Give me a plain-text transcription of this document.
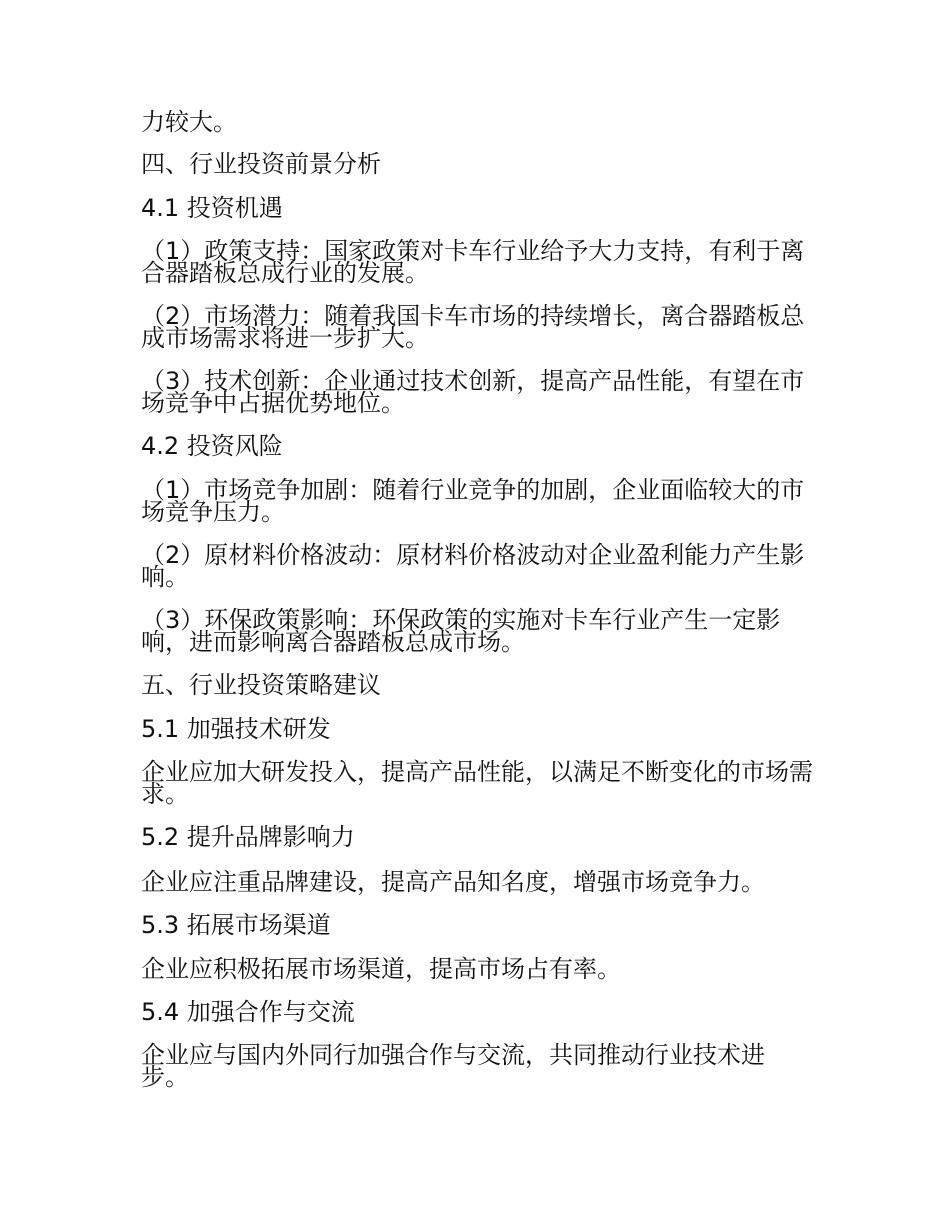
力较大。

四、行业投资前景分析
4.1 投资机遇

（1）政策支持：国家政策对卡车行业给予大力支持，有利于离合器踏板总成行业的发展。

（2）市场潜力：随着我国卡车市场的持续增长，离合器踏板总成市场需求将进一步扩大。

（3）技术创新：企业通过技术创新，提高产品性能，有望在市场竞争中占据优势地位。

4.2 投资风险

（1）市场竞争加剧：随着行业竞争的加剧，企业面临较大的市场竞争压力。

（2）原材料价格波动：原材料价格波动对企业盈利能力产生影响。

（3）环保政策影响：环保政策的实施对卡车行业产生一定影响，进而影响离合器踏板总成市场。

五、行业投资策略建议
5.1 加强技术研发

企业应加大研发投入，提高产品性能，以满足不断变化的市场需求。

5.2 提升品牌影响力

企业应注重品牌建设，提高产品知名度，增强市场竞争力。

5.3 拓展市场渠道

企业应积极拓展市场渠道，提高市场占有率。

5.4 加强合作与交流

企业应与国内外同行加强合作与交流，共同推动行业技术进步。
